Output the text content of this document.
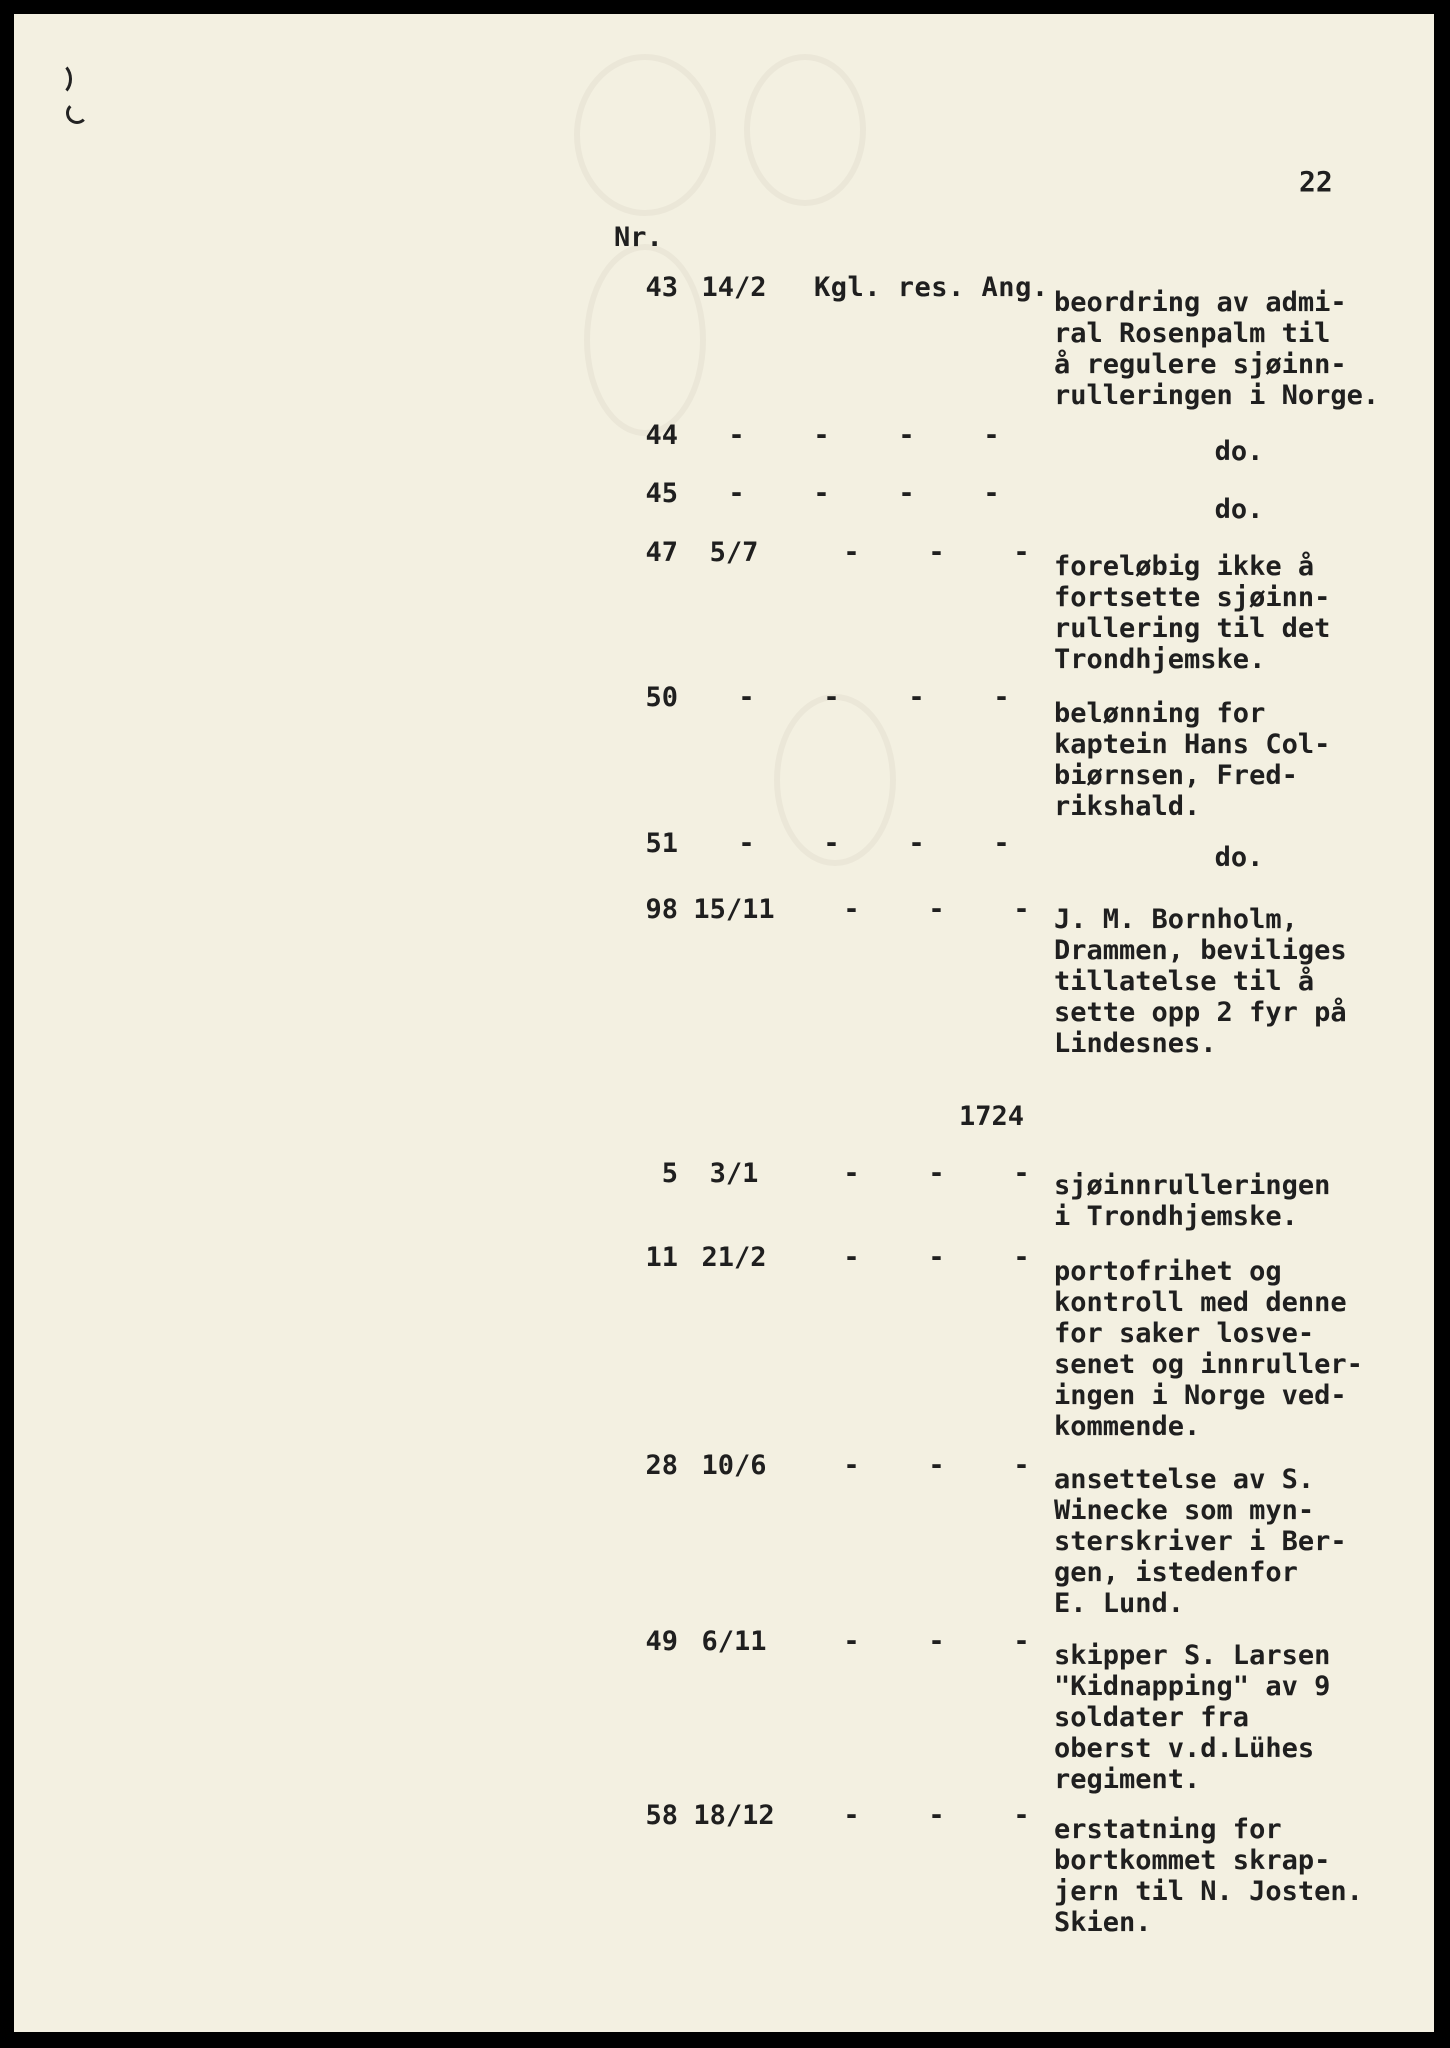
22
Nr.
43 14/2	Kgl. res. Ang. beordring av admi-
ral Rosenpalm til
å regulere sjøinn-
rulleringen i Norge.
44	-	-	-	-
do.
45	-	-	-	-
do.
47	5/7	-	-	- foreløbig ikke å
fortsette sjøinn-
rullering til det
Trondhjemske.
50	-	-	-	-
belønning for
kaptein Hans Col-
biørnsen, Fred-
rikshald.
51	-	-	-	-	do.
98 15/11	-	-	- J. M. Bornholm,
Drammen, beviliges
tillatelse til å
sette opp 2 fyr på
Lindesnes.
1724
5	3/1	-	-	- sjøinnrulleringen
i Trondhjemske.
11 21/2	-	-	- portofrihet og
kontroll med denne
for saker losve-
senet og innruller-
ingen i Norge ved-
kommende.
28 10/6	-	-	- ansettelse av S.
Winecke som myn-
sterskriver i Ber-
gen, istedenfor
E. Lund.
49 6/11	-	-	- skipper S. Larsen
"Kidnapping" av 9
soldater fra
oberst v.d.Lühes
regiment.
58 18/12	-	-	- erstatning for
bortkommet skrap-
jern til N. Josten.
Skien.
